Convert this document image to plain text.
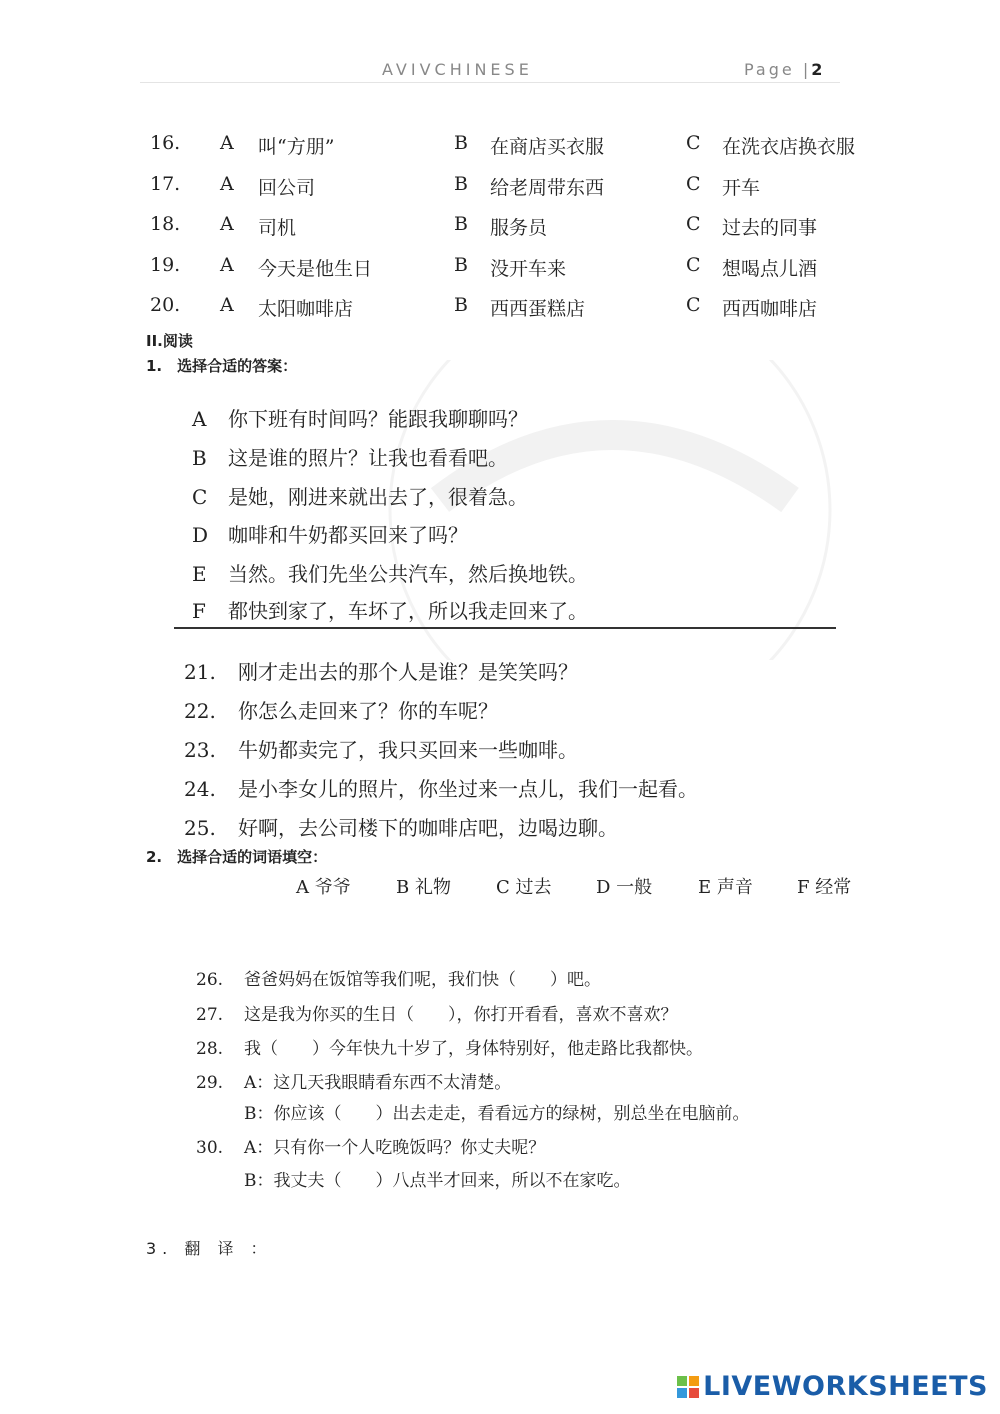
AVIVCHINESE	Page |2
16. A 叫“方朋”	B 在商店买衣服	C 在洗衣店换衣服
17. A 回公司	B 给老周带东西	C 开车
18. A 司机	B 服务员	C 过去的同事
19. A 今天是他生日	B 没开车来	C 想喝点儿酒
20. A 太阳咖啡店	B 西西蛋糕店	C 西西咖啡店
II.阅读
1.　选择合适的答案：
A 你下班有时间吗？能跟我聊聊吗？
B 这是谁的照片？让我也看看吧。
C 是她，刚进来就出去了，很着急。
D 咖啡和牛奶都买回来了吗？
E 当然。我们先坐公共汽车，然后换地铁。
F 都快到家了，车坏了，所以我走回来了。
21. 刚才走出去的那个人是谁？是笑笑吗？
22. 你怎么走回来了？你的车呢？
23. 牛奶都卖完了，我只买回来一些咖啡。
24. 是小李女儿的照片，你坐过来一点儿，我们一起看。
25. 好啊，去公司楼下的咖啡店吧，边喝边聊。
2.　选择合适的词语填空：
A 爷爷	B 礼物	C 过去 D 一般	E 声音 F 经常
26. 爸爸妈妈在饭馆等我们呢，我们快（　　）吧。
27. 这是我为你买的生日（　　），你打开看看，喜欢不喜欢？
28. 我（　　）今年快九十岁了，身体特别好，他走路比我都快。
29. A：这几天我眼睛看东西不太清楚。
B：你应该（　　）出去走走，看看远方的绿树，别总坐在电脑前。
30. A：只有你一个人吃晚饭吗？你丈夫呢？
B：我丈夫（　　）八点半才回来，所以不在家吃。
3. 翻 译 ：
LIVEWORKSHEETS
